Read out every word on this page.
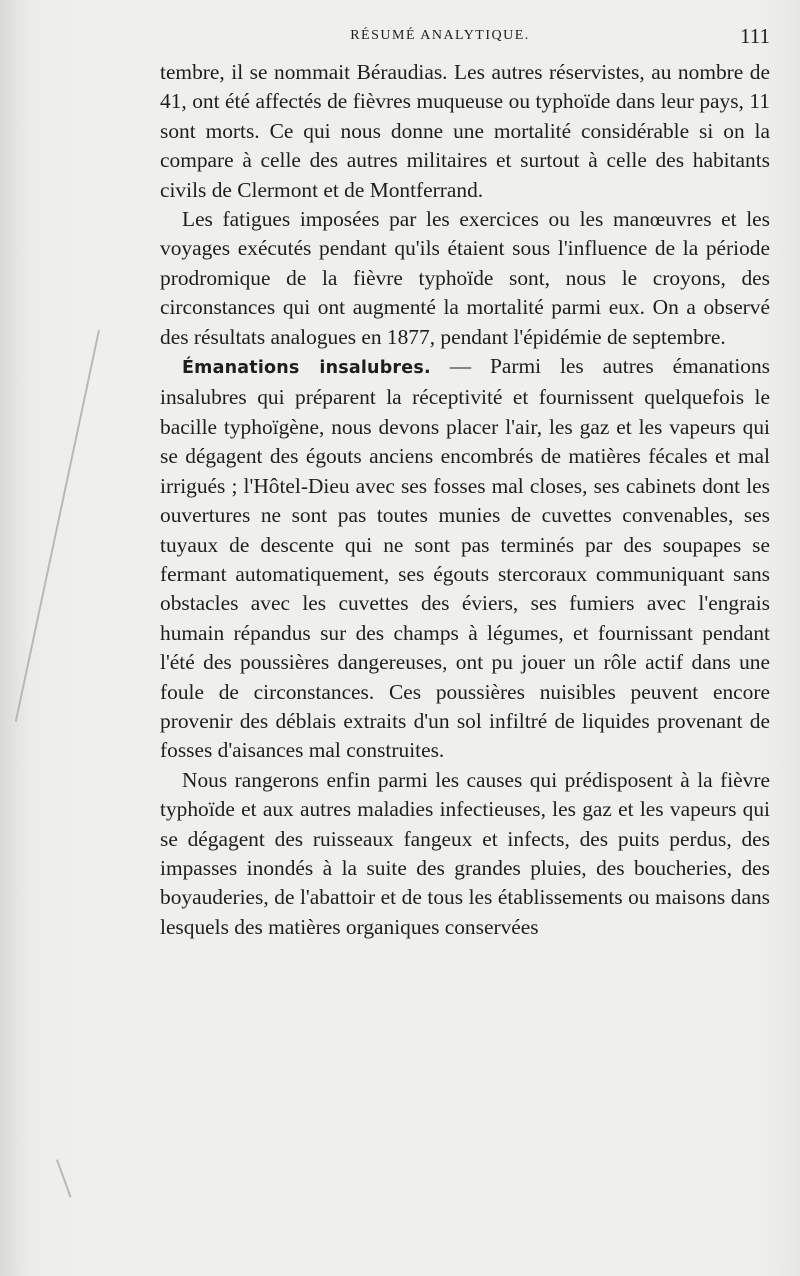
RÉSUMÉ ANALYTIQUE.	111

tembre, il se nommait Béraudias. Les autres réservistes, au nombre de 41, ont été affectés de fièvres muqueuse ou typhoïde dans leur pays, 11 sont morts. Ce qui nous donne une mortalité considérable si on la compare à celle des autres militaires et surtout à celle des habitants civils de Clermont et de Montferrand.

Les fatigues imposées par les exercices ou les manœuvres et les voyages exécutés pendant qu'ils étaient sous l'influence de la période prodromique de la fièvre typhoïde sont, nous le croyons, des circonstances qui ont augmenté la mortalité parmi eux. On a observé des résultats analogues en 1877, pendant l'épidémie de septembre.

Émanations insalubres. — Parmi les autres émanations insalubres qui préparent la réceptivité et fournissent quelquefois le bacille typhoïgène, nous devons placer l'air, les gaz et les vapeurs qui se dégagent des égouts anciens encombrés de matières fécales et mal irrigués ; l'Hôtel-Dieu avec ses fosses mal closes, ses cabinets dont les ouvertures ne sont pas toutes munies de cuvettes convenables, ses tuyaux de descente qui ne sont pas terminés par des soupapes se fermant automatiquement, ses égouts stercoraux communiquant sans obstacles avec les cuvettes des éviers, ses fumiers avec l'engrais humain répandus sur des champs à légumes, et fournissant pendant l'été des poussières dangereuses, ont pu jouer un rôle actif dans une foule de circonstances. Ces poussières nuisibles peuvent encore provenir des déblais extraits d'un sol infiltré de liquides provenant de fosses d'aisances mal construites.

Nous rangerons enfin parmi les causes qui prédisposent à la fièvre typhoïde et aux autres maladies infectieuses, les gaz et les vapeurs qui se dégagent des ruisseaux fangeux et infects, des puits perdus, des impasses inondés à la suite des grandes pluies, des boucheries, des boyauderies, de l'abattoir et de tous les établissements ou maisons dans lesquels des matières organiques conservées
